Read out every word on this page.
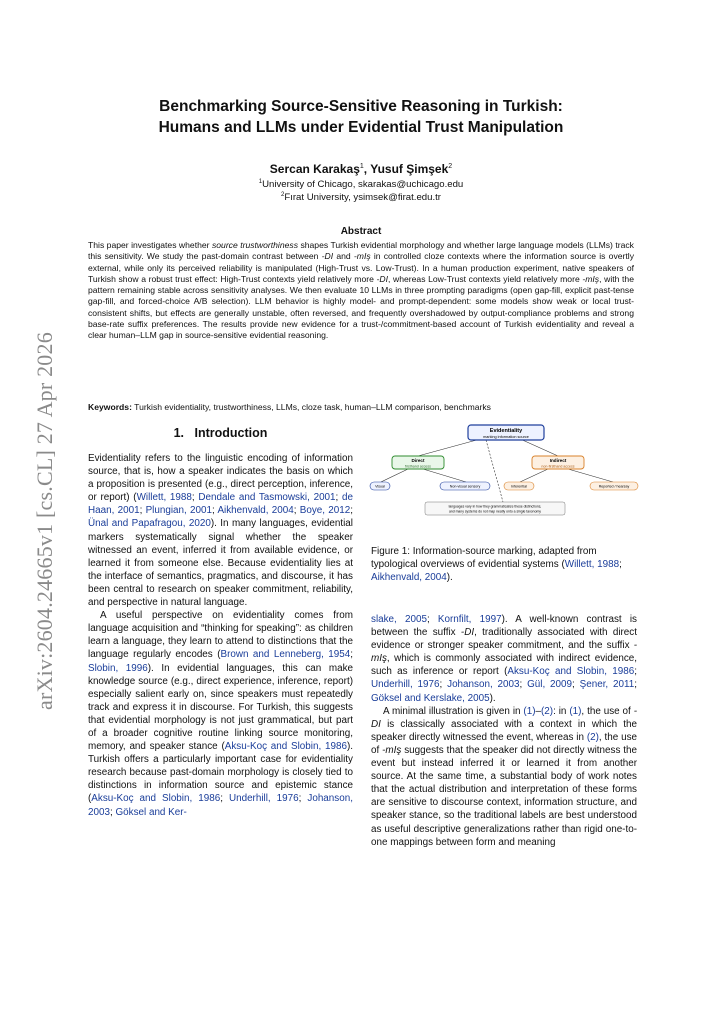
arXiv:2604.24665v1 [cs.CL] 27 Apr 2026
Benchmarking Source-Sensitive Reasoning in Turkish:
Humans and LLMs under Evidential Trust Manipulation
Sercan Karakaş$^1$, Yusuf Şimşek$^2$
$^1$University of Chicago, skarakas@uchicago.edu
$^2$Fırat University, ysimsek@firat.edu.tr
Abstract
This paper investigates whether source trustworthiness shapes Turkish evidential morphology and whether large language models (LLMs) track this sensitivity. We study the past-domain contrast between -DI and -mIş in controlled cloze contexts where the information source is overtly external, while only its perceived reliability is manipulated (High-Trust vs. Low-Trust). In a human production experiment, native speakers of Turkish show a robust trust effect: High-Trust contexts yield relatively more -DI, whereas Low-Trust contexts yield relatively more -mIş, with the pattern remaining stable across sensitivity analyses. We then evaluate 10 LLMs in three prompting paradigms (open gap-fill, explicit past-tense gap-fill, and forced-choice A/B selection). LLM behavior is highly model- and prompt-dependent: some models show weak or local trust-consistent shifts, but effects are generally unstable, often reversed, and frequently overshadowed by output-compliance problems and strong base-rate suffix preferences. The results provide new evidence for a trust-/commitment-based account of Turkish evidentiality and reveal a clear human–LLM gap in source-sensitive evidential reasoning.
Keywords: Turkish evidentiality, trustworthiness, LLMs, cloze task, human–LLM comparison, benchmarks
1. Introduction

Evidentiality refers to the linguistic encoding of information source, that is, how a speaker indicates the basis on which a proposition is presented (e.g., direct perception, inference, or report) (Willett, 1988; Dendale and Tasmowski, 2001; de Haan, 2001; Plungian, 2001; Aikhenvald, 2004; Boye, 2012; Ünal and Papafragou, 2020). In many languages, evidential markers systematically signal whether the speaker witnessed an event, inferred it from available evidence, or learned it from someone else. Because evidentiality lies at the interface of semantics, pragmatics, and discourse, it has been central to research on speaker commitment, reliability, and perspective in natural language.

A useful perspective on evidentiality comes from language acquisition and “thinking for speaking”: as children learn a language, they learn to attend to distinctions that the language regularly encodes (Brown and Lenneberg, 1954; Slobin, 1996). In evidential languages, this can make knowledge source (e.g., direct experience, inference, report) especially salient early on, since speakers must repeatedly track and express it in discourse. For Turkish, this suggests that evidential morphology is not just grammatical, but part of a broader cognitive routine linking source monitoring, memory, and speaker stance (Aksu-Koç and Slobin, 1986). Turkish offers a particularly important case for evidentiality research because past-domain morphology is closely tied to distinctions in information source and epistemic stance (Aksu-Koç and Slobin, 1986; Underhill, 1976; Johanson, 2003; Göksel and Ker-

Evidentiality
marking information source
Direct
firsthand access
Indirect
non-firsthand access
Visual	Non-visual sensory	Inferential	Reported / hearsay
languages vary in how they grammaticalize these distinctions,
and many systems do not map neatly onto a single taxonomy
Figure 1: Information-source marking, adapted from typological overviews of evidential systems (Willett, 1988; Aikhenvald, 2004).

slake, 2005; Kornfilt, 1997). A well-known contrast is between the suffix -DI, traditionally associated with direct evidence or stronger speaker commitment, and the suffix -mIş, which is commonly associated with indirect evidence, such as inference or report (Aksu-Koç and Slobin, 1986; Underhill, 1976; Johanson, 2003; Gül, 2009; Şener, 2011; Göksel and Kerslake, 2005).

A minimal illustration is given in (1)–(2): in (1), the use of -DI is classically associated with a context in which the speaker directly witnessed the event, whereas in (2), the use of -mIş suggests that the speaker did not directly witness the event but instead inferred it or learned it from another source. At the same time, a substantial body of work notes that the actual distribution and interpretation of these forms are sensitive to discourse context, information structure, and speaker stance, so the traditional labels are best understood as useful descriptive generalizations rather than rigid one-to-one mappings between form and meaning
